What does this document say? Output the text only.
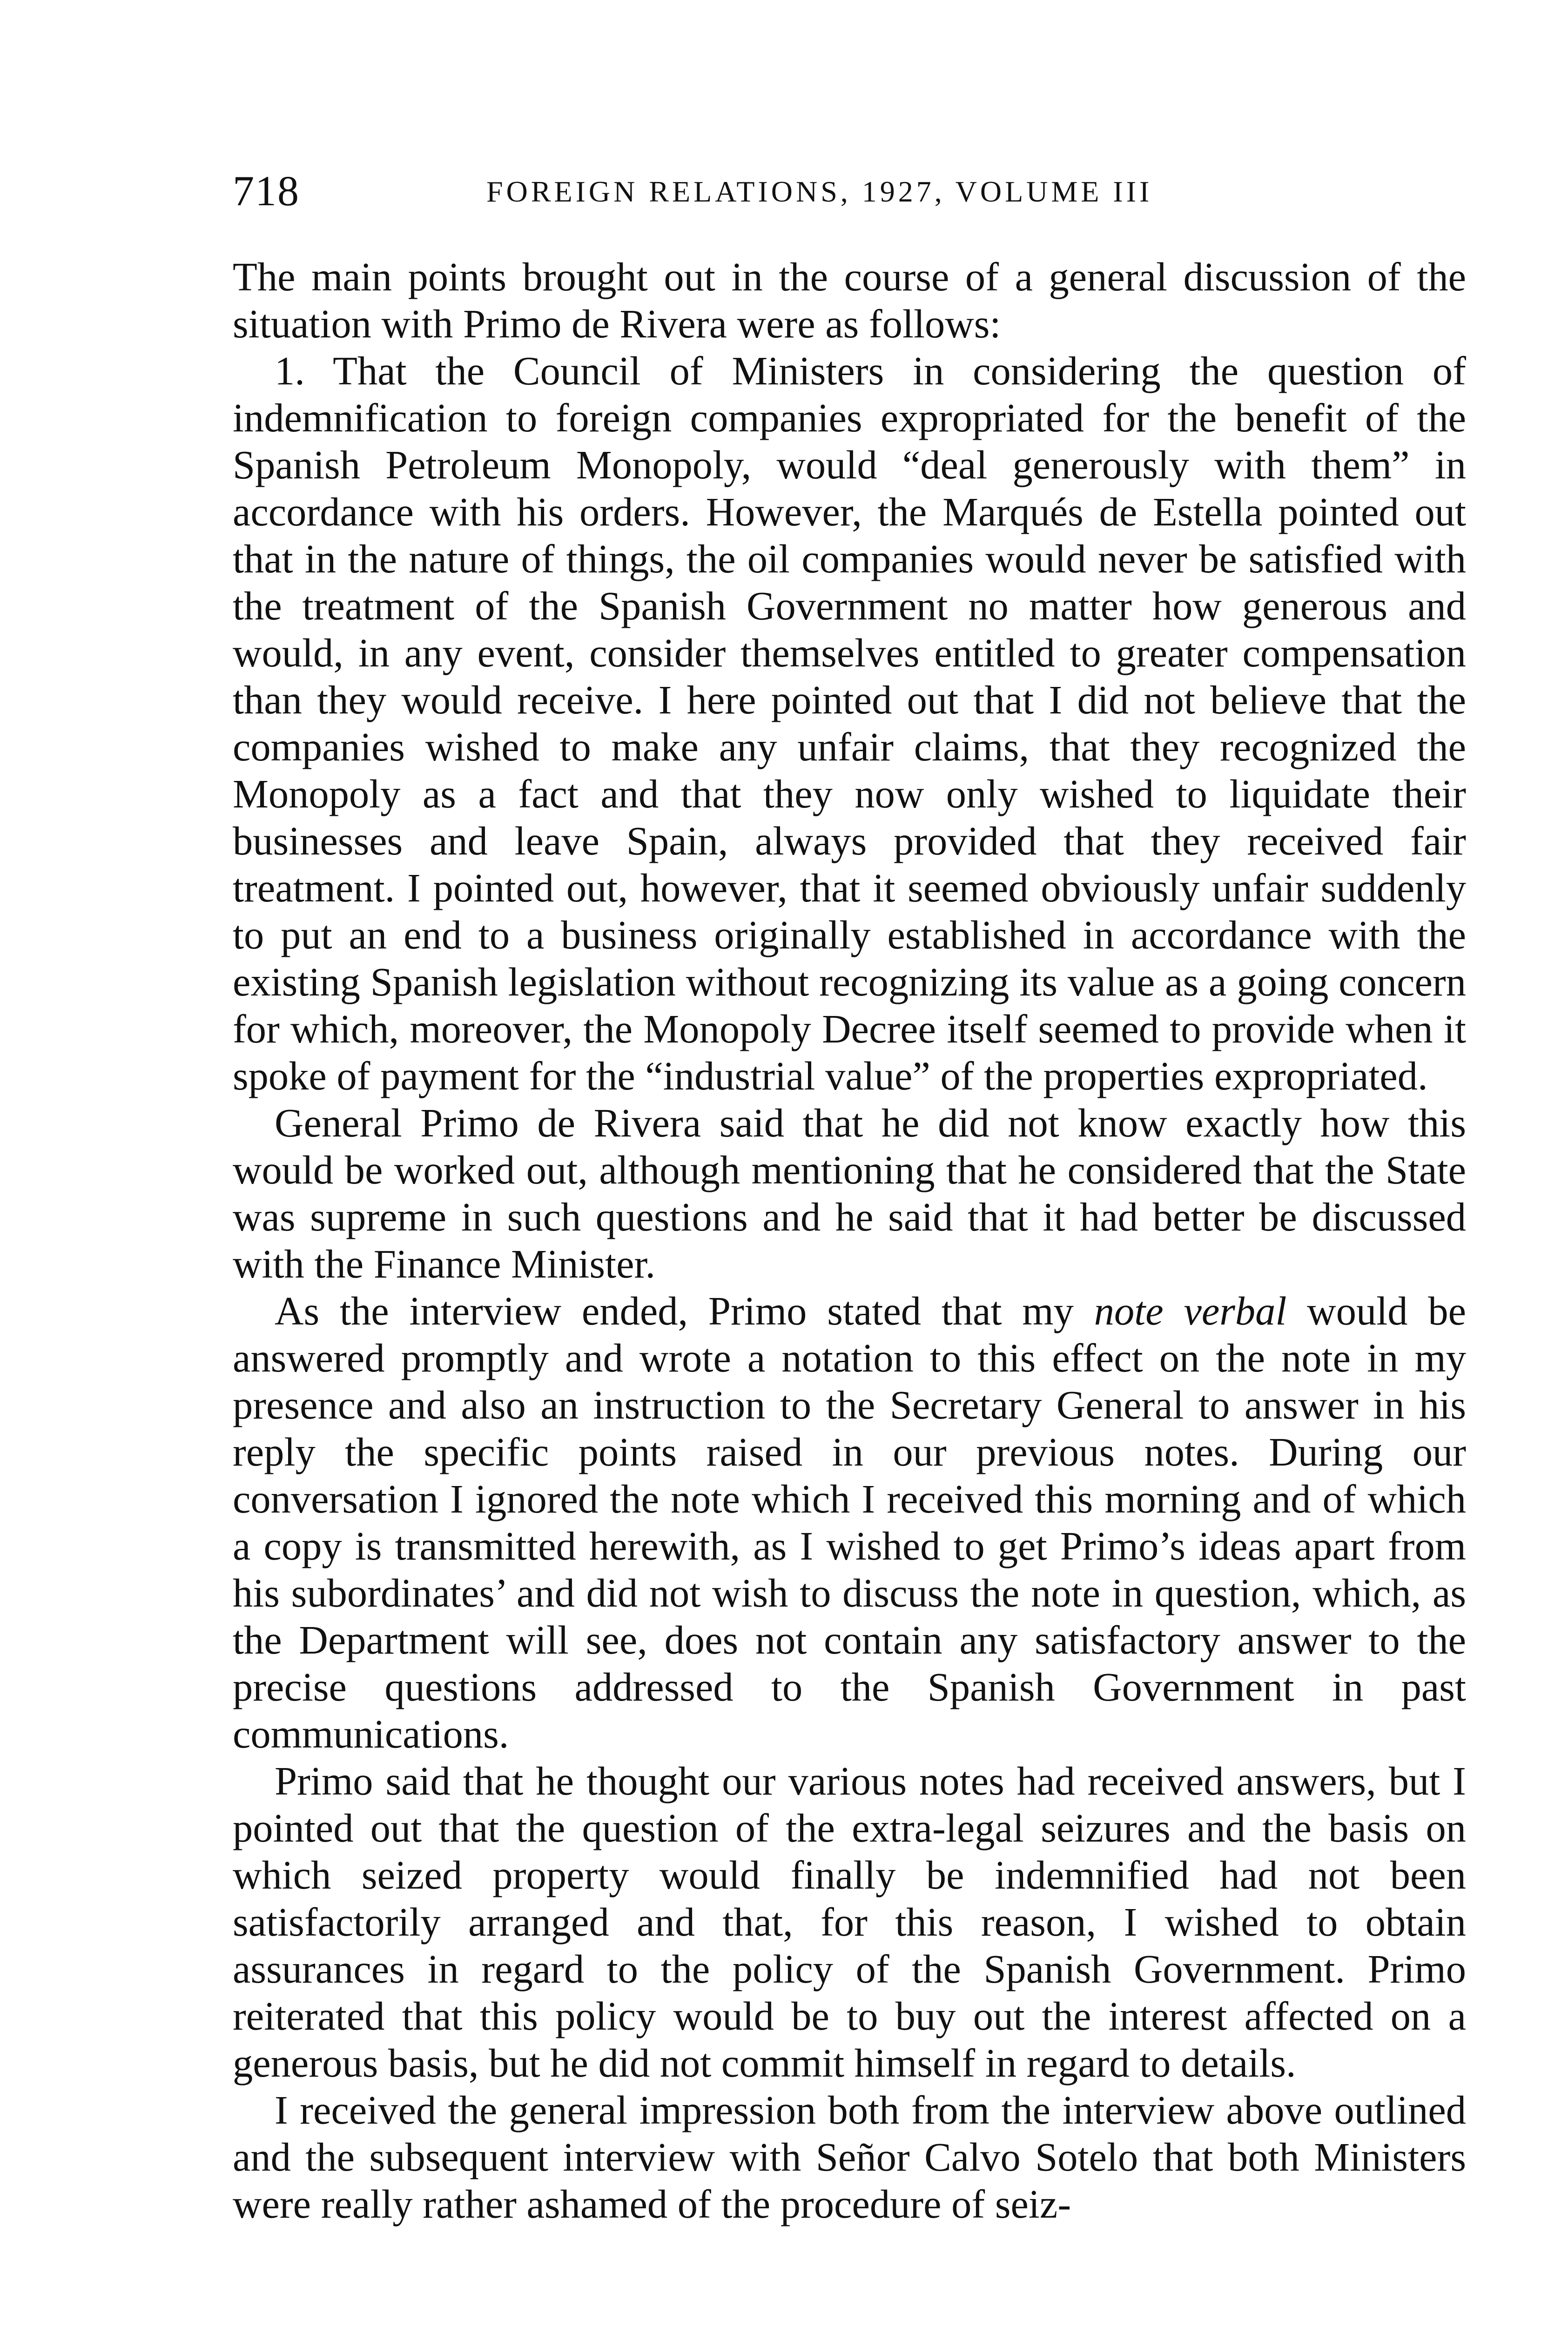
718	FOREIGN RELATIONS, 1927, VOLUME III

The main points brought out in the course of a general discussion of the situation with Primo de Rivera were as follows:

1. That the Council of Ministers in considering the question of indemnification to foreign companies expropriated for the benefit of the Spanish Petroleum Monopoly, would “deal generously with them” in accordance with his orders. However, the Marqués de Estella pointed out that in the nature of things, the oil companies would never be satisfied with the treatment of the Spanish Government no matter how generous and would, in any event, consider themselves entitled to greater compensation than they would receive. I here pointed out that I did not believe that the companies wished to make any unfair claims, that they recognized the Monopoly as a fact and that they now only wished to liquidate their businesses and leave Spain, always provided that they received fair treatment. I pointed out, however, that it seemed obviously unfair suddenly to put an end to a business originally established in accordance with the existing Spanish legislation without recognizing its value as a going concern for which, moreover, the Monopoly Decree itself seemed to provide when it spoke of payment for the “industrial value” of the properties expropriated.

General Primo de Rivera said that he did not know exactly how this would be worked out, although mentioning that he considered that the State was supreme in such questions and he said that it had better be discussed with the Finance Minister.

As the interview ended, Primo stated that my note verbal would be answered promptly and wrote a notation to this effect on the note in my presence and also an instruction to the Secretary General to answer in his reply the specific points raised in our previous notes. During our conversation I ignored the note which I received this morning and of which a copy is transmitted herewith, as I wished to get Primo’s ideas apart from his subordinates’ and did not wish to discuss the note in question, which, as the Department will see, does not contain any satisfactory answer to the precise questions addressed to the Spanish Government in past communications.

Primo said that he thought our various notes had received answers, but I pointed out that the question of the extra-legal seizures and the basis on which seized property would finally be indemnified had not been satisfactorily arranged and that, for this reason, I wished to obtain assurances in regard to the policy of the Spanish Government. Primo reiterated that this policy would be to buy out the interest affected on a generous basis, but he did not commit himself in regard to details.

I received the general impression both from the interview above outlined and the subsequent interview with Señor Calvo Sotelo that both Ministers were really rather ashamed of the procedure of seiz-
